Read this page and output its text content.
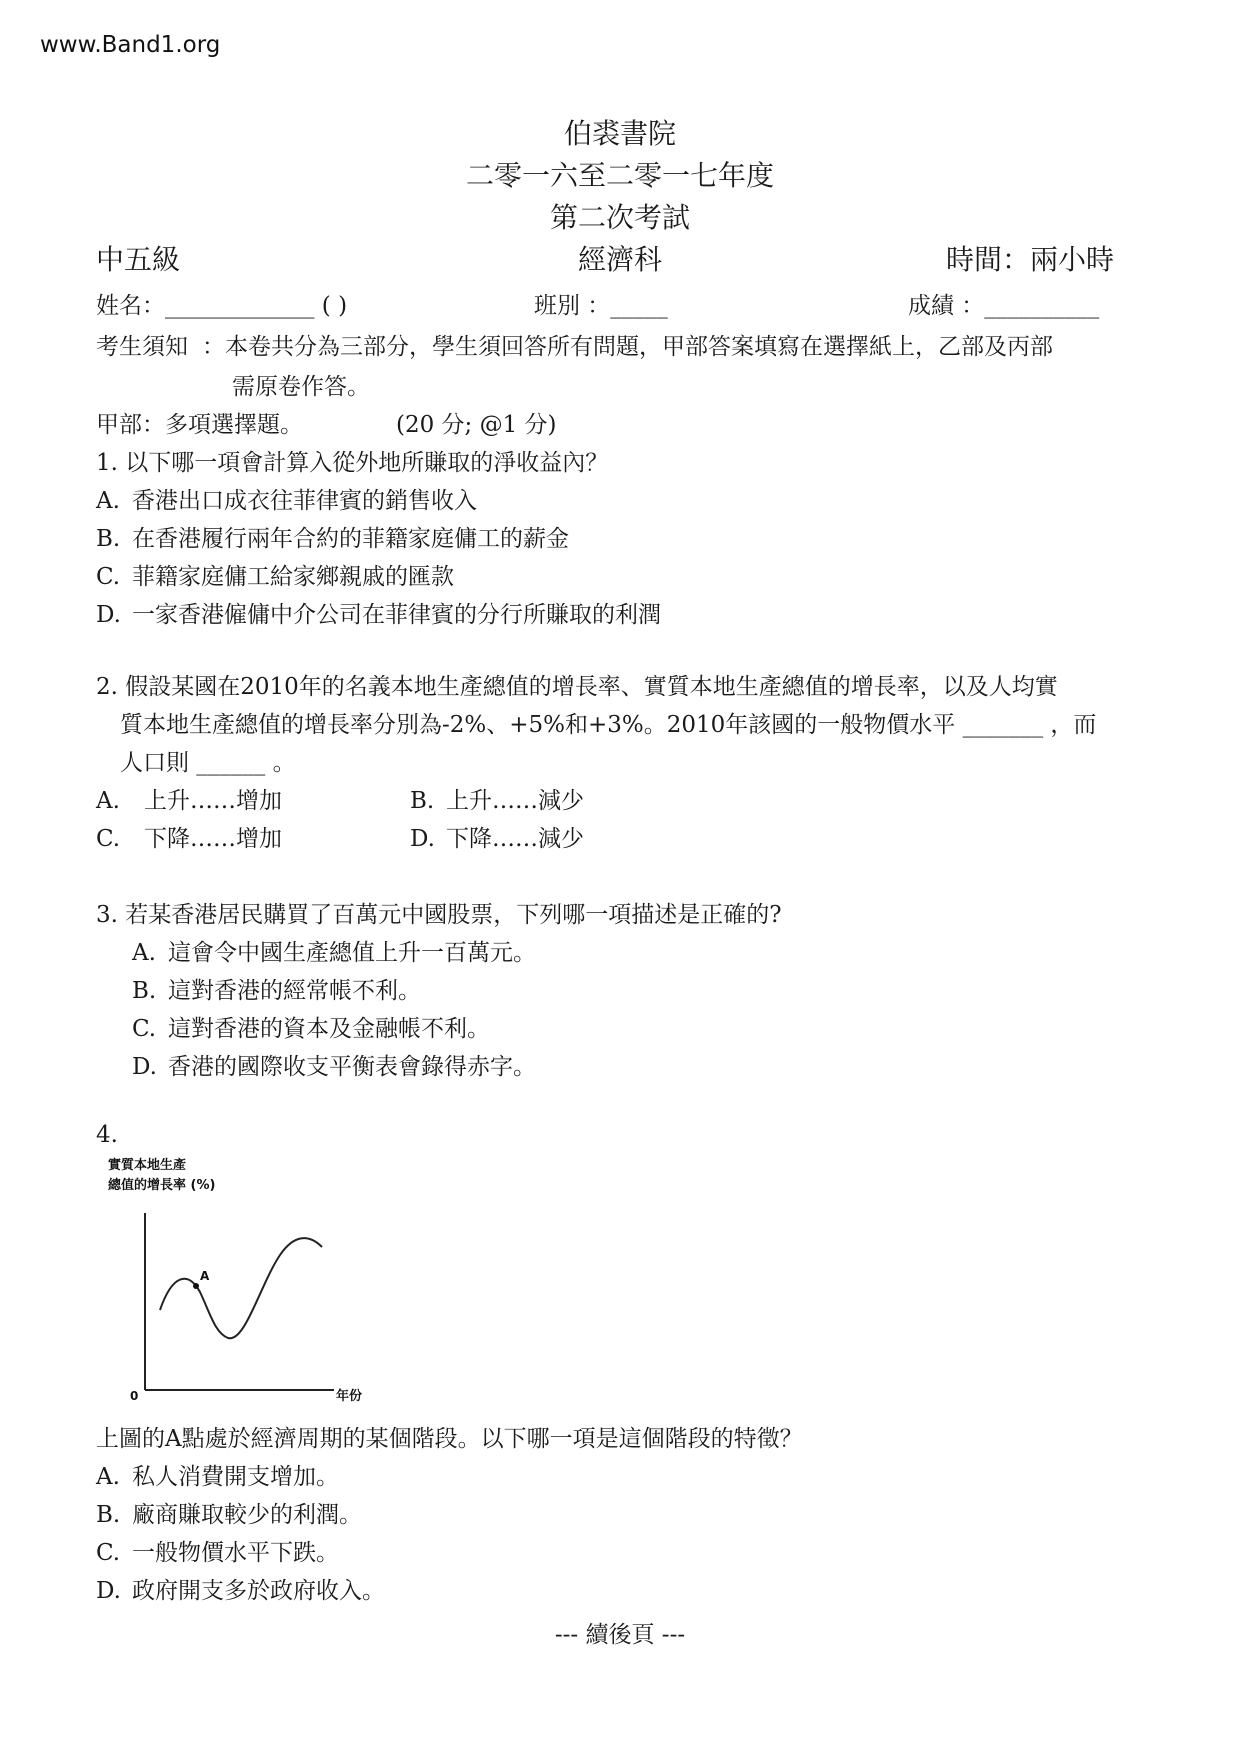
www.Band1.org
伯裘書院
二零一六至二零一七年度
第二次考試
中五級	經濟科	時間：兩小時
姓名：_____________ ( )	班別 ：_____	成績 ：__________
考生須知 ：本卷共分為三部分，學生須回答所有問題，甲部答案填寫在選擇紙上，乙部及丙部
需原卷作答。
甲部：多項選擇題。	(20 分; @1 分)
1. 以下哪一項會計算入從外地所賺取的淨收益內？
A. 香港出口成衣往菲律賓的銷售收入
B. 在香港履行兩年合約的菲籍家庭傭工的薪金
C. 菲籍家庭傭工給家鄉親戚的匯款
D. 一家香港僱傭中介公司在菲律賓的分行所賺取的利潤
2. 假設某國在2010年的名義本地生產總值的增長率、實質本地生產總值的增長率，以及人均實
質本地生產總值的增長率分別為-2%、+5%和+3%。2010年該國的一般物價水平 _______ ，而
人口則 ______ 。
A. 上升……增加	B. 上升……減少
C. 下降……增加	D. 下降……減少
3. 若某香港居民購買了百萬元中國股票，下列哪一項描述是正確的?
A. 這會令中國生產總值上升一百萬元。
B. 這對香港的經常帳不利。
C. 這對香港的資本及金融帳不利。
D. 香港的國際收支平衡表會錄得赤字。
4.
實質本地生產
總值的增長率 (%)
0	年份
A
上圖的A點處於經濟周期的某個階段。以下哪一項是這個階段的特徵？
A. 私人消費開支增加。
B. 廠商賺取較少的利潤。
C. 一般物價水平下跌。
D. 政府開支多於政府收入。
--- 續後頁 ---
